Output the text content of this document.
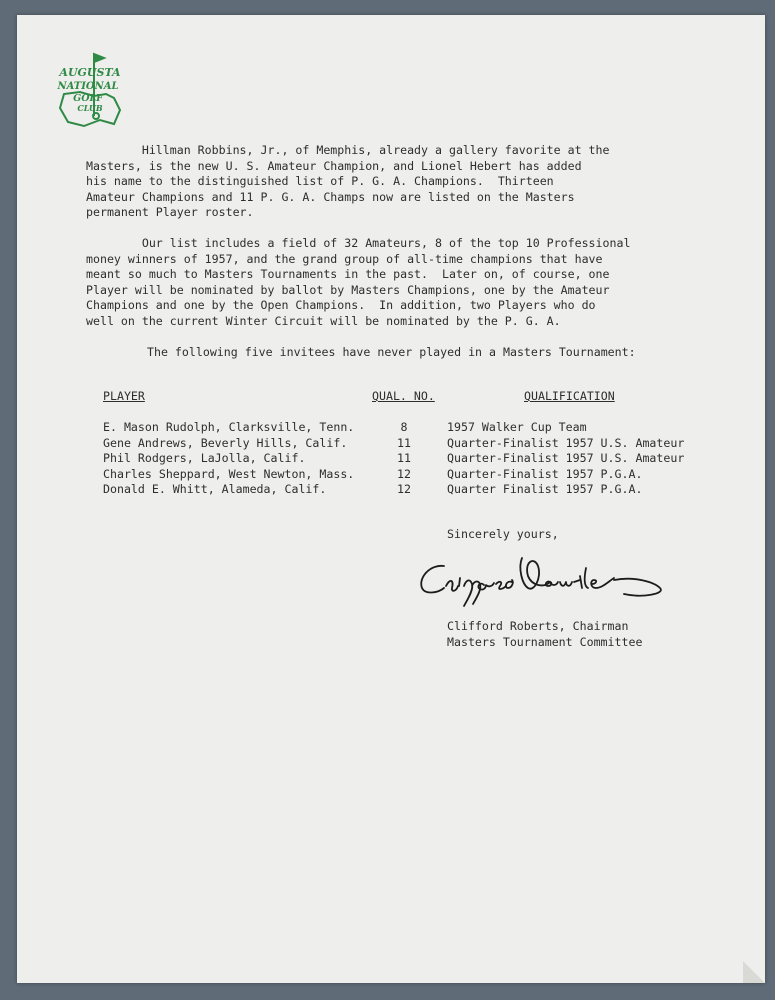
AUGUSTA
NATIONAL
GOLF
CLUB
Hillman Robbins, Jr., of Memphis, already a gallery favorite at the
Masters, is the new U. S. Amateur Champion, and Lionel Hebert has added
his name to the distinguished list of P. G. A. Champions.  Thirteen
Amateur Champions and 11 P. G. A. Champs now are listed on the Masters
permanent Player roster.
Our list includes a field of 32 Amateurs, 8 of the top 10 Professional
money winners of 1957, and the grand group of all-time champions that have
meant so much to Masters Tournaments in the past.  Later on, of course, one
Player will be nominated by ballot by Masters Champions, one by the Amateur
Champions and one by the Open Champions.  In addition, two Players who do
well on the current Winter Circuit will be nominated by the P. G. A.
The following five invitees have never played in a Masters Tournament:
PLAYER	QUAL. NO.	QUALIFICATION
E. Mason Rudolph, Clarksville, Tenn.	8	1957 Walker Cup Team
Gene Andrews, Beverly Hills, Calif.	11	Quarter-Finalist 1957 U.S. Amateur
Phil Rodgers, LaJolla, Calif.	11	Quarter-Finalist 1957 U.S. Amateur
Charles Sheppard, West Newton, Mass.	12	Quarter-Finalist 1957 P.G.A.
Donald E. Whitt, Alameda, Calif.	12	Quarter Finalist 1957 P.G.A.
Sincerely yours,
Clifford Roberts, Chairman
Masters Tournament Committee
